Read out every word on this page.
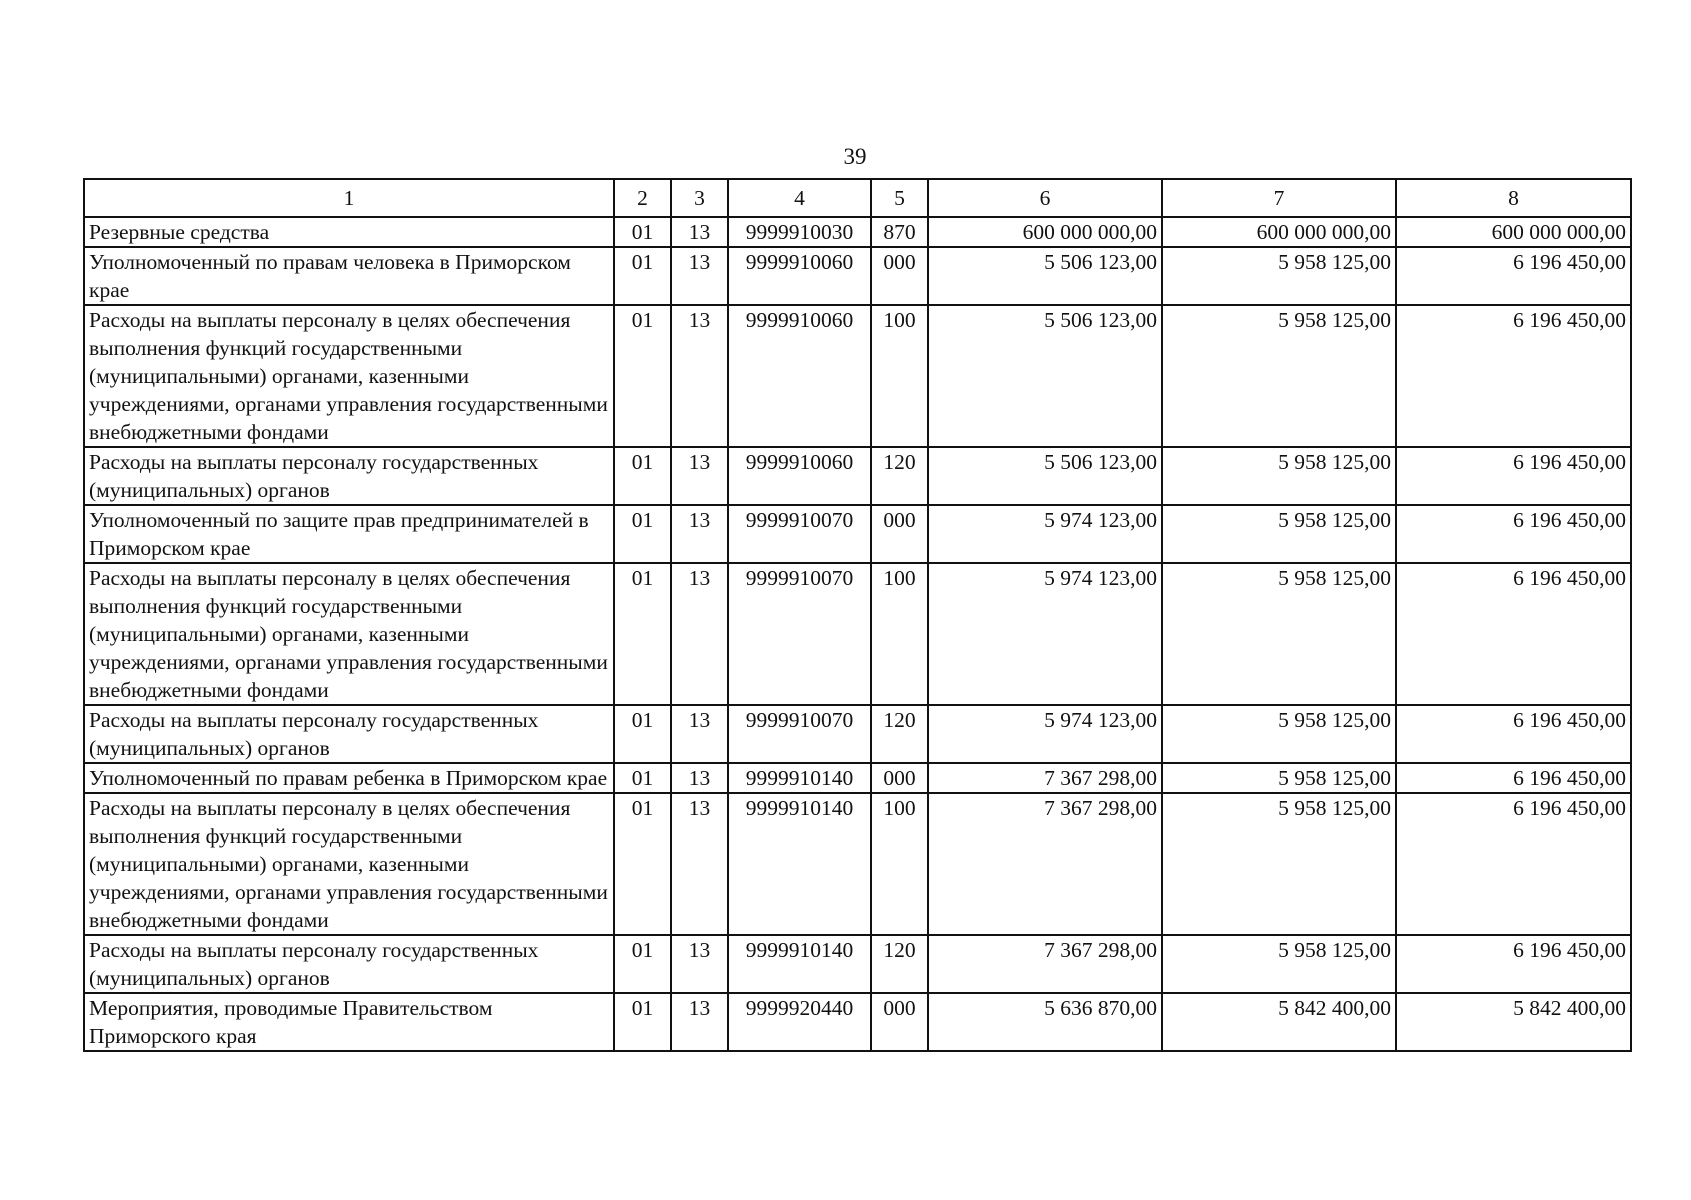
39
1	2	3	4	5	6	7	8
Резервные средства	01	13	9999910030	870	600 000 000,00	600 000 000,00	600 000 000,00
Уполномоченный по правам человека в Приморском крае	01	13	9999910060	000	5 506 123,00	5 958 125,00	6 196 450,00
Расходы на выплаты персоналу в целях обеспечения выполнения функций государственными (муниципальными) органами, казенными учреждениями, органами управления государственными внебюджетными фондами	01	13	9999910060	100	5 506 123,00	5 958 125,00	6 196 450,00
Расходы на выплаты персоналу государственных (муниципальных) органов	01	13	9999910060	120	5 506 123,00	5 958 125,00	6 196 450,00
Уполномоченный по защите прав предпринимателей в Приморском крае	01	13	9999910070	000	5 974 123,00	5 958 125,00	6 196 450,00
Расходы на выплаты персоналу в целях обеспечения выполнения функций государственными (муниципальными) органами, казенными учреждениями, органами управления государственными внебюджетными фондами	01	13	9999910070	100	5 974 123,00	5 958 125,00	6 196 450,00
Расходы на выплаты персоналу государственных (муниципальных) органов	01	13	9999910070	120	5 974 123,00	5 958 125,00	6 196 450,00
Уполномоченный по правам ребенка в Приморском крае	01	13	9999910140	000	7 367 298,00	5 958 125,00	6 196 450,00
Расходы на выплаты персоналу в целях обеспечения выполнения функций государственными (муниципальными) органами, казенными учреждениями, органами управления государственными внебюджетными фондами	01	13	9999910140	100	7 367 298,00	5 958 125,00	6 196 450,00
Расходы на выплаты персоналу государственных (муниципальных) органов	01	13	9999910140	120	7 367 298,00	5 958 125,00	6 196 450,00
Мероприятия, проводимые Правительством Приморского края	01	13	9999920440	000	5 636 870,00	5 842 400,00	5 842 400,00
